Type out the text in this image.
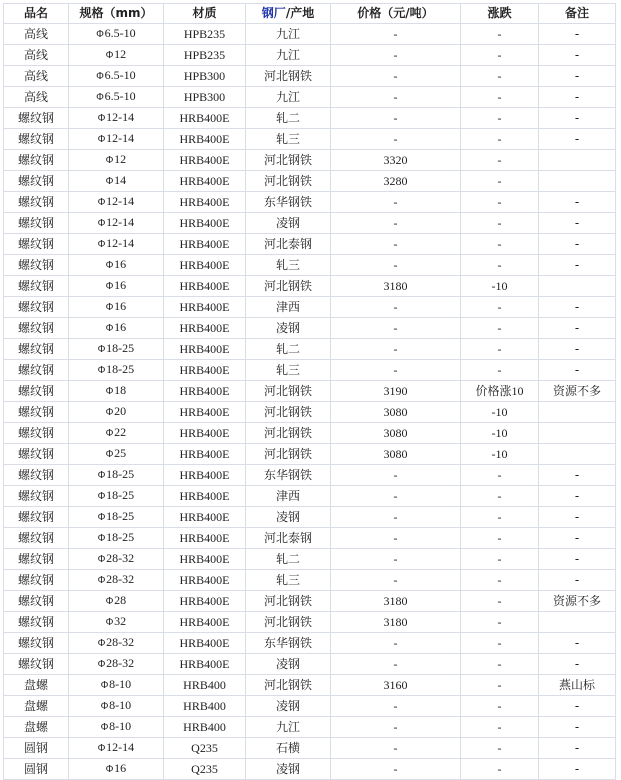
品名	规格（mm）	材质	钢厂/产地	价格（元/吨）	涨跌	备注
高线	Φ6.5-10	HPB235	九江	-	-	-
高线	Φ12	HPB235	九江	-	-	-
高线	Φ6.5-10	HPB300	河北钢铁	-	-	-
高线	Φ6.5-10	HPB300	九江	-	-	-
螺纹钢	Φ12-14	HRB400E	轧二	-	-	-
螺纹钢	Φ12-14	HRB400E	轧三	-	-	-
螺纹钢	Φ12	HRB400E	河北钢铁	3320	-	
螺纹钢	Φ14	HRB400E	河北钢铁	3280	-	
螺纹钢	Φ12-14	HRB400E	东华钢铁	-	-	-
螺纹钢	Φ12-14	HRB400E	凌钢	-	-	-
螺纹钢	Φ12-14	HRB400E	河北泰钢	-	-	-
螺纹钢	Φ16	HRB400E	轧三	-	-	-
螺纹钢	Φ16	HRB400E	河北钢铁	3180	-10	
螺纹钢	Φ16	HRB400E	津西	-	-	-
螺纹钢	Φ16	HRB400E	凌钢	-	-	-
螺纹钢	Φ18-25	HRB400E	轧二	-	-	-
螺纹钢	Φ18-25	HRB400E	轧三	-	-	-
螺纹钢	Φ18	HRB400E	河北钢铁	3190	价格涨10	资源不多
螺纹钢	Φ20	HRB400E	河北钢铁	3080	-10	
螺纹钢	Φ22	HRB400E	河北钢铁	3080	-10	
螺纹钢	Φ25	HRB400E	河北钢铁	3080	-10	
螺纹钢	Φ18-25	HRB400E	东华钢铁	-	-	-
螺纹钢	Φ18-25	HRB400E	津西	-	-	-
螺纹钢	Φ18-25	HRB400E	凌钢	-	-	-
螺纹钢	Φ18-25	HRB400E	河北泰钢	-	-	-
螺纹钢	Φ28-32	HRB400E	轧二	-	-	-
螺纹钢	Φ28-32	HRB400E	轧三	-	-	-
螺纹钢	Φ28	HRB400E	河北钢铁	3180	-	资源不多
螺纹钢	Φ32	HRB400E	河北钢铁	3180	-	
螺纹钢	Φ28-32	HRB400E	东华钢铁	-	-	-
螺纹钢	Φ28-32	HRB400E	凌钢	-	-	-
盘螺	Φ8-10	HRB400	河北钢铁	3160	-	燕山标
盘螺	Φ8-10	HRB400	凌钢	-	-	-
盘螺	Φ8-10	HRB400	九江	-	-	-
圆钢	Φ12-14	Q235	石横	-	-	-
圆钢	Φ16	Q235	凌钢	-	-	-
